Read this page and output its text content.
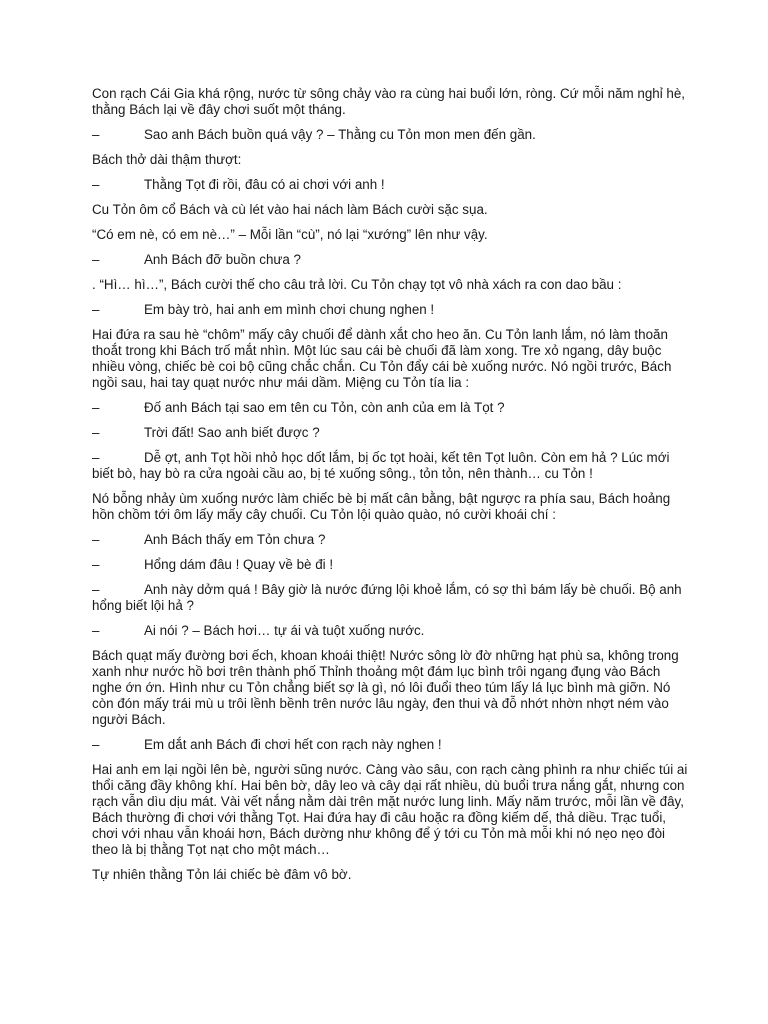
Con rạch Cái Gia khá rộng, nước từ sông chảy vào ra cùng hai buổi lớn, ròng. Cứ mỗi năm nghỉ hè, thằng Bách lại về đây chơi suốt một tháng.

–	Sao anh Bách buồn quá vậy ? – Thằng cu Tỏn mon men đến gần.

Bách thở dài thậm thượt:

–	Thằng Tọt đi rồi, đâu có ai chơi với anh !

Cu Tỏn ôm cổ Bách và cù lét vào hai nách làm Bách cười sặc sụa.

“Có em nè, có em nè…” – Mỗi lần “cù”, nó lại “xướng” lên như vậy.

–	Anh Bách đỡ buồn chưa ?

. “Hì… hì…”, Bách cười thế cho câu trả lời. Cu Tỏn chạy tọt vô nhà xách ra con dao bầu :

–	Em bày trò, hai anh em mình chơi chung nghen !

Hai đứa ra sau hè “chôm” mấy cây chuối để dành xắt cho heo ăn. Cu Tỏn lanh lắm, nó làm thoăn thoắt trong khi Bách trố mắt nhìn. Một lúc sau cái bè chuối đã làm xong. Tre xỏ ngang, dây buộc nhiều vòng, chiếc bè coi bộ cũng chắc chắn. Cu Tỏn đẩy cái bè xuống nước. Nó ngồi trước, Bách ngồi sau, hai tay quạt nước như mái dầm. Miệng cu Tỏn tía lia :

–	Đố anh Bách tại sao em tên cu Tỏn, còn anh của em là Tọt ?

–	Trời đất! Sao anh biết được ?

–	Dễ ợt, anh Tọt hồi nhỏ học dốt lắm, bị ốc tọt hoài, kết tên Tọt luôn. Còn em hả ? Lúc mới biết bò, hay bò ra cửa ngoài cầu ao, bị té xuống sông., tỏn tỏn, nên thành… cu Tỏn !

Nó bỗng nhảy ùm xuống nước làm chiếc bè bị mất cân bằng, bật ngược ra phía sau, Bách hoảng hồn chồm tới ôm lấy mấy cây chuối. Cu Tỏn lội quào quào, nó cười khoái chí :

–	Anh Bách thấy em Tỏn chưa ?

–	Hổng dám đâu ! Quay về bè đi !

–	Anh này dởm quá ! Bây giờ là nước đứng lội khoẻ lắm, có sợ thì bám lấy bè chuối. Bộ anh hổng biết lội hả ?

–	Ai nói ? – Bách hơi… tự ái và tuột xuống nước.

Bách quạt mấy đường bơi ếch, khoan khoái thiệt! Nước sông lờ đờ những hạt phù sa, không trong xanh như nước hồ bơi trên thành phố Thỉnh thoảng một đám lục bình trôi ngang đụng vào Bách nghe ớn ớn. Hình như cu Tỏn chẳng biết sợ là gì, nó lôi đuổi theo túm lấy lá lục bình mà giỡn. Nó còn đón mấy trái mù u trôi lềnh bềnh trên nước lâu ngày, đen thui và đỗ nhớt nhờn nhợt ném vào người Bách.

–	Em dắt anh Bách đi chơi hết con rạch này nghen !

Hai anh em lại ngồi lên bè, người sũng nước. Càng vào sâu, con rạch càng phình ra như chiếc túi ai thổi căng đầy không khí. Hai bên bờ, dây leo và cây dại rất nhiều, dù buổi trưa nắng gắt, nhưng con rạch vẫn dìu dịu mát. Vài vết nắng nằm dài trên mặt nước lung linh. Mấy năm trước, mỗi lần về đây, Bách thường đi chơi với thằng Tọt. Hai đứa hay đi câu hoặc ra đồng kiếm dế, thả diều. Trạc tuổi, chơi với nhau vẫn khoái hơn, Bách dường như không để ý tới cu Tỏn mà mỗi khi nó nẹo nẹo đòi theo là bị thằng Tọt nạt cho một mách…

Tự nhiên thằng Tỏn lái chiếc bè đâm vô bờ.
